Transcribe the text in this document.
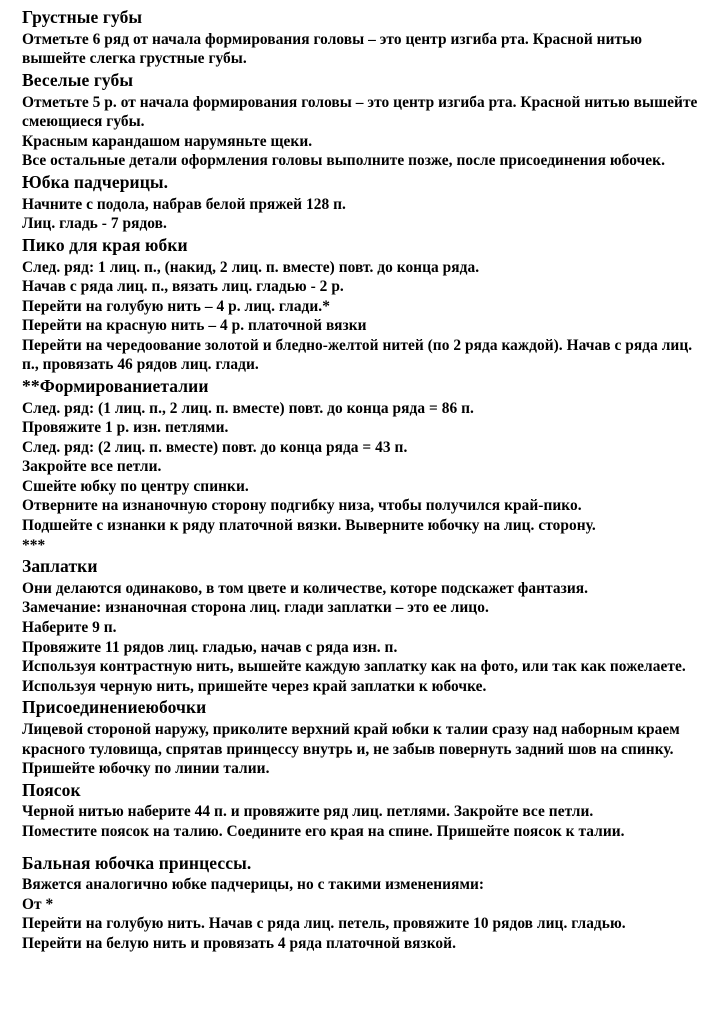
Грустные губы
Отметьте 6 ряд от начала формирования головы – это центр изгиба рта. Красной нитью вышейте слегка грустные губы.
Веселые губы
Отметьте 5 р. от начала формирования головы – это центр изгиба рта. Красной нитью вышейте смеющиеся губы.
Красным карандашом нарумяньте щеки.
Все остальные детали оформления головы выполните позже, после присоединения юбочек.
Юбка падчерицы.
Начните с подола, набрав белой пряжей 128 п.
Лиц. гладь - 7 рядов.
Пико для края юбки
След. ряд: 1 лиц. п., (накид, 2 лиц. п. вместе) повт. до конца ряда.
Начав с ряда лиц. п., вязать лиц. гладью - 2 р.
Перейти на голубую нить – 4 р. лиц. глади.*
Перейти на красную нить – 4 р. платочной вязки
Перейти на чередоование золотой и бледно-желтой нитей (по 2 ряда каждой). Начав с ряда лиц. п., провязать 46 рядов лиц. глади.
**Формированиеталии
След. ряд: (1 лиц. п., 2 лиц. п. вместе) повт. до конца ряда = 86 п.
Провяжите 1 р. изн. петлями.
След. ряд: (2 лиц. п. вместе) повт. до конца ряда = 43 п.
Закройте все петли.
Сшейте юбку по центру спинки.
Отверните на изнаночную сторону подгибку низа, чтобы получился край-пико.
Подшейте с изнанки к ряду платочной вязки. Выверните юбочку на лиц. сторону.
***
Заплатки
Они делаются одинаково, в том цвете и количестве, которе подскажет фантазия.
Замечание: изнаночная сторона лиц. глади заплатки – это ее лицо.
Наберите 9 п.
Провяжите 11 рядов лиц. гладью, начав с ряда изн. п.
Используя контрастную нить, вышейте каждую заплатку как на фото, или так как пожелаете.
Используя черную нить, пришейте через край заплатки к юбочке.
Присоединениеюбочки
Лицевой стороной наружу, приколите верхний край юбки к талии сразу над наборным краем красного туловища, спрятав принцессу внутрь и, не забыв повернуть задний шов на спинку. Пришейте юбочку по линии талии.
Поясок
Черной нитью наберите 44 п. и провяжите ряд лиц. петлями. Закройте все петли.
Поместите поясок на талию. Соедините его края на спине. Пришейте поясок к талии.
Бальная юбочка принцессы.
Вяжется аналогично юбке падчерицы, но с такими изменениями:
От *
Перейти на голубую нить. Начав с ряда лиц. петель, провяжите 10 рядов лиц. гладью.
Перейти на белую нить и провязать 4 ряда платочной вязкой.
